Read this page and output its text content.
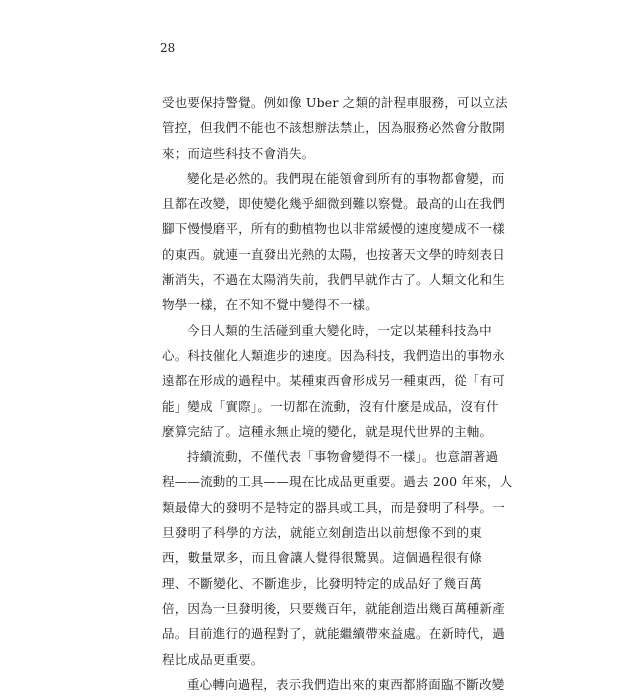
28
受也要保持警覺。例如像 Uber 之類的計程車服務，可以立法
管控，但我們不能也不該想辦法禁止，因為服務必然會分散開
來；而這些科技不會消失。
變化是必然的。我們現在能領會到所有的事物都會變，而
且都在改變，即使變化幾乎細微到難以察覺。最高的山在我們
腳下慢慢磨平，所有的動植物也以非常緩慢的速度變成不一樣
的東西。就連一直發出光熱的太陽，也按著天文學的時刻表日
漸消失，不過在太陽消失前，我們早就作古了。人類文化和生
物學一樣，在不知不覺中變得不一樣。
今日人類的生活碰到重大變化時，一定以某種科技為中
心。科技催化人類進步的速度。因為科技，我們造出的事物永
遠都在形成的過程中。某種東西會形成另一種東西，從「有可
能」變成「實際」。一切都在流動，沒有什麼是成品，沒有什
麼算完結了。這種永無止境的變化，就是現代世界的主軸。
持續流動，不僅代表「事物會變得不一樣」。也意謂著過
程——流動的工具——現在比成品更重要。過去 200 年來，人
類最偉大的發明不是特定的器具或工具，而是發明了科學。一
旦發明了科學的方法，就能立刻創造出以前想像不到的東
西，數量眾多，而且會讓人覺得很驚異。這個過程很有條
理、不斷變化、不斷進步，比發明特定的成品好了幾百萬
倍，因為一旦發明後，只要幾百年，就能創造出幾百萬種新產
品。目前進行的過程對了，就能繼續帶來益處。在新時代，過
程比成品更重要。
重心轉向過程，表示我們造出來的東西都將面臨不斷改變
